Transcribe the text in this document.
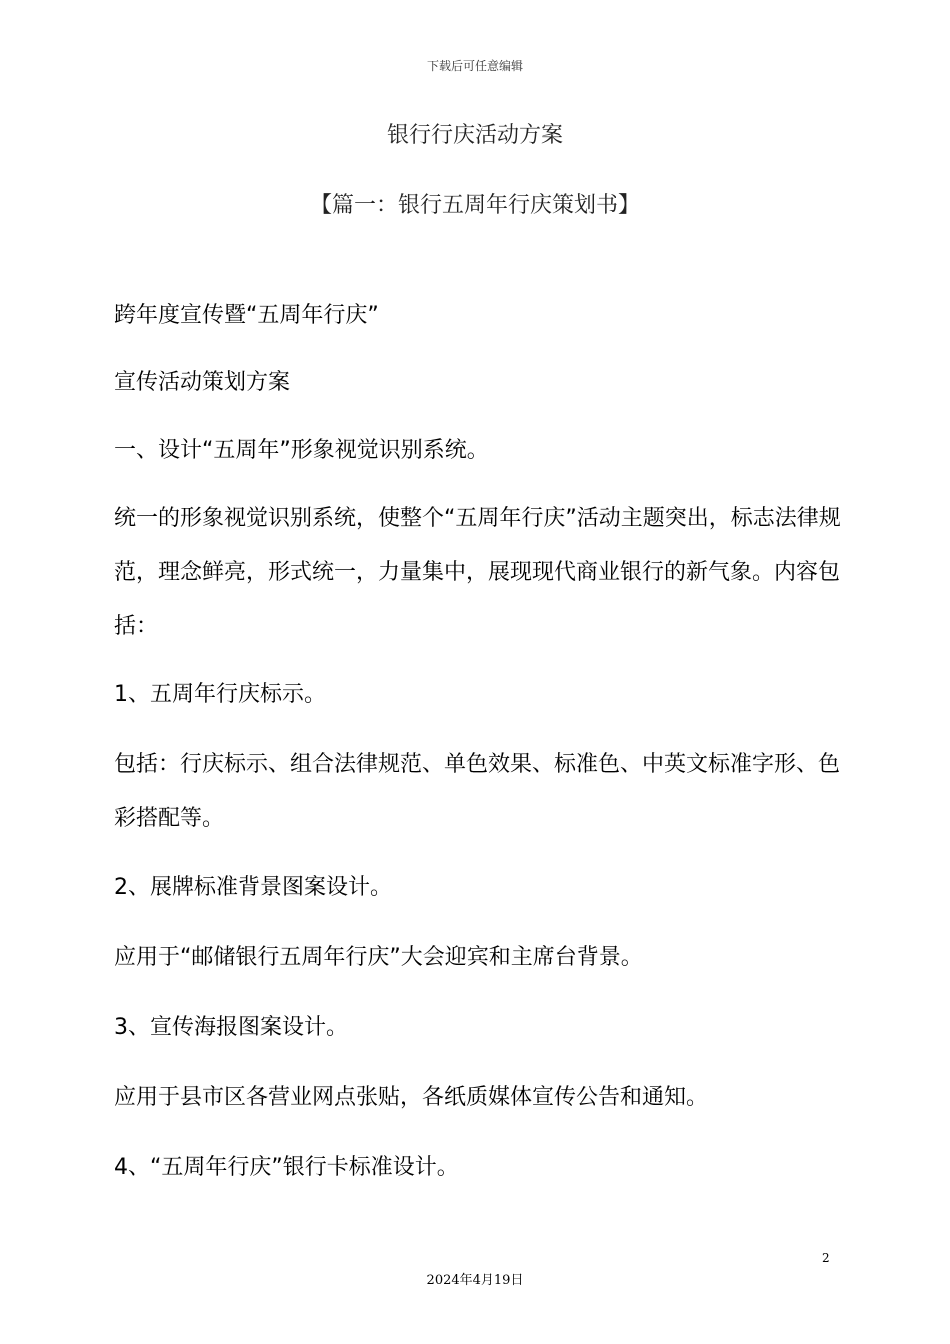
下载后可任意编辑
银行行庆活动方案
【篇一：银行五周年行庆策划书】
跨年度宣传暨“五周年行庆”
宣传活动策划方案
一、设计“五周年”形象视觉识别系统。
统一的形象视觉识别系统，使整个“五周年行庆”活动主题突出，标志法律规范，理念鲜亮，形式统一，力量集中，展现现代商业银行的新气象。内容包括：
1、五周年行庆标示。
包括：行庆标示、组合法律规范、单色效果、标准色、中英文标准字形、色彩搭配等。
2、展牌标准背景图案设计。
应用于“邮储银行五周年行庆”大会迎宾和主席台背景。
3、宣传海报图案设计。
应用于县市区各营业网点张贴，各纸质媒体宣传公告和通知。
4、“五周年行庆”银行卡标准设计。
2
2024年4月19日
